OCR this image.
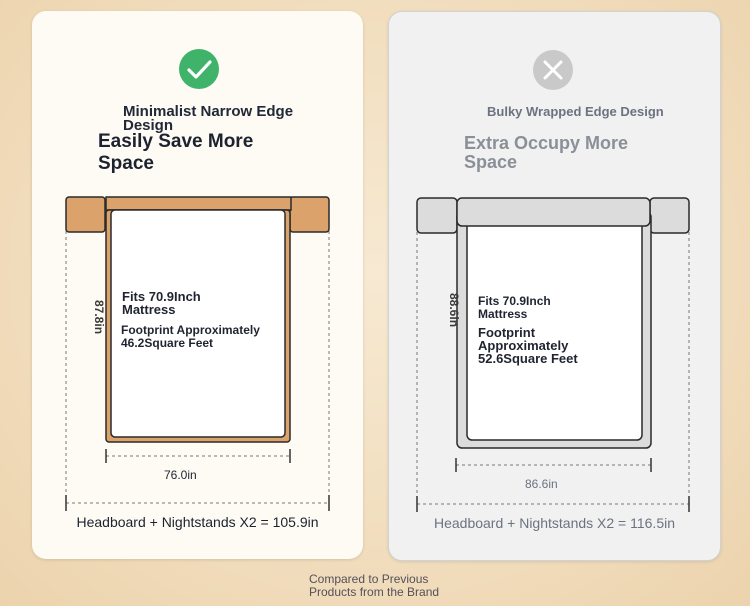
Minimalist Narrow Edge Design
Easily Save More Space
Fits 70.9Inch Mattress
Footprint Approximately 46.2Square Feet
87.8in
76.0in
Headboard + Nightstands X2 = 105.9in
Bulky Wrapped Edge Design
Extra Occupy More Space
Fits 70.9Inch Mattress
Footprint Approximately 52.6Square Feet
88.6in
86.6in
Headboard + Nightstands X2 = 116.5in
Compared to Previous Products from the Brand
